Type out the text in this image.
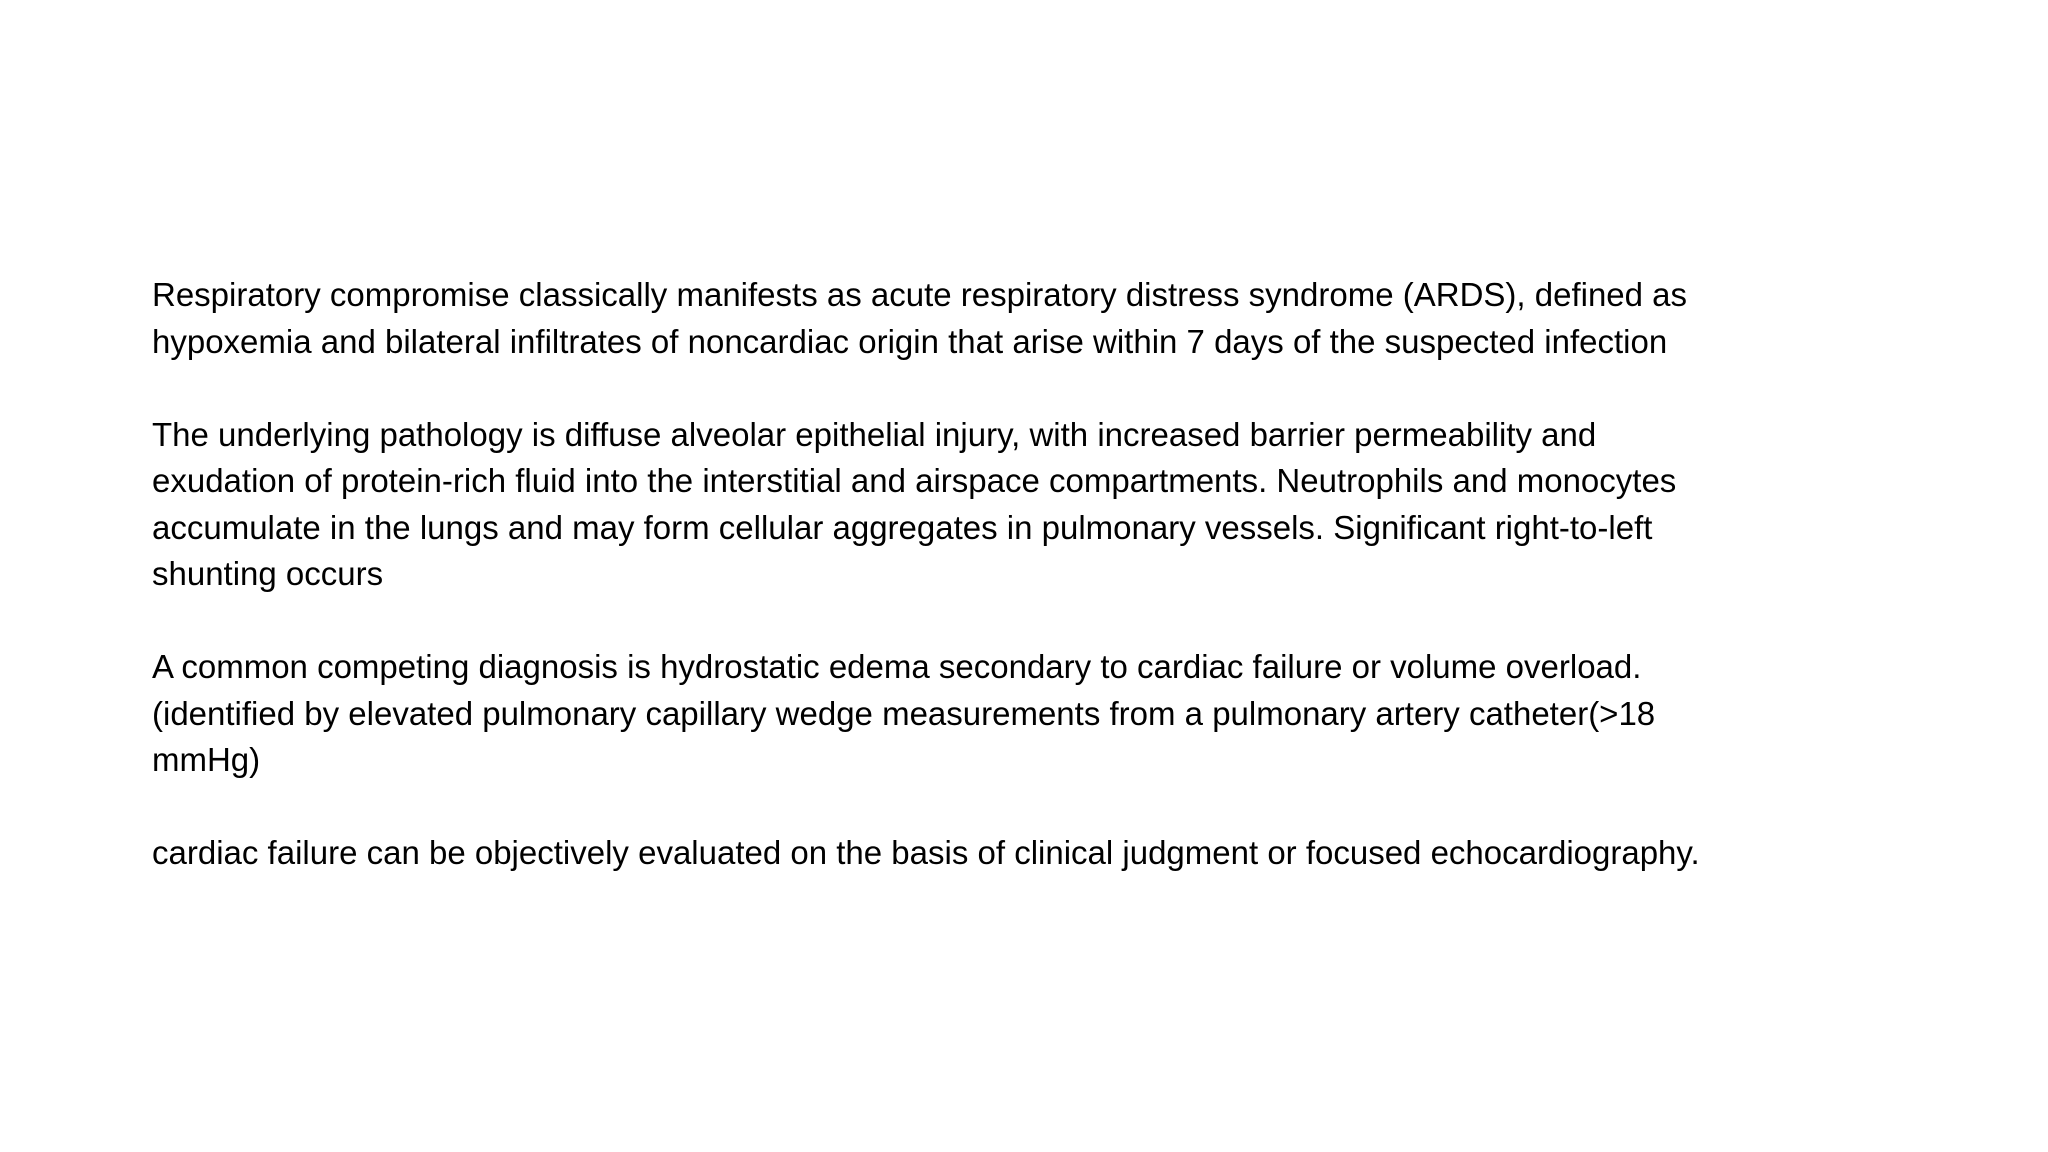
Respiratory compromise classically manifests as acute respiratory distress syndrome (ARDS), defined as
hypoxemia and bilateral infiltrates of noncardiac origin that arise within 7 days of the suspected infection

The underlying pathology is diffuse alveolar epithelial injury, with increased barrier permeability and
exudation of protein-rich fluid into the interstitial and airspace compartments. Neutrophils and monocytes
accumulate in the lungs and may form cellular aggregates in pulmonary vessels. Significant right-to-left
shunting occurs

A common competing diagnosis is hydrostatic edema secondary to cardiac failure or volume overload.
(identified by elevated pulmonary capillary wedge measurements from a pulmonary artery catheter(>18
mmHg)

cardiac failure can be objectively evaluated on the basis of clinical judgment or focused echocardiography.
